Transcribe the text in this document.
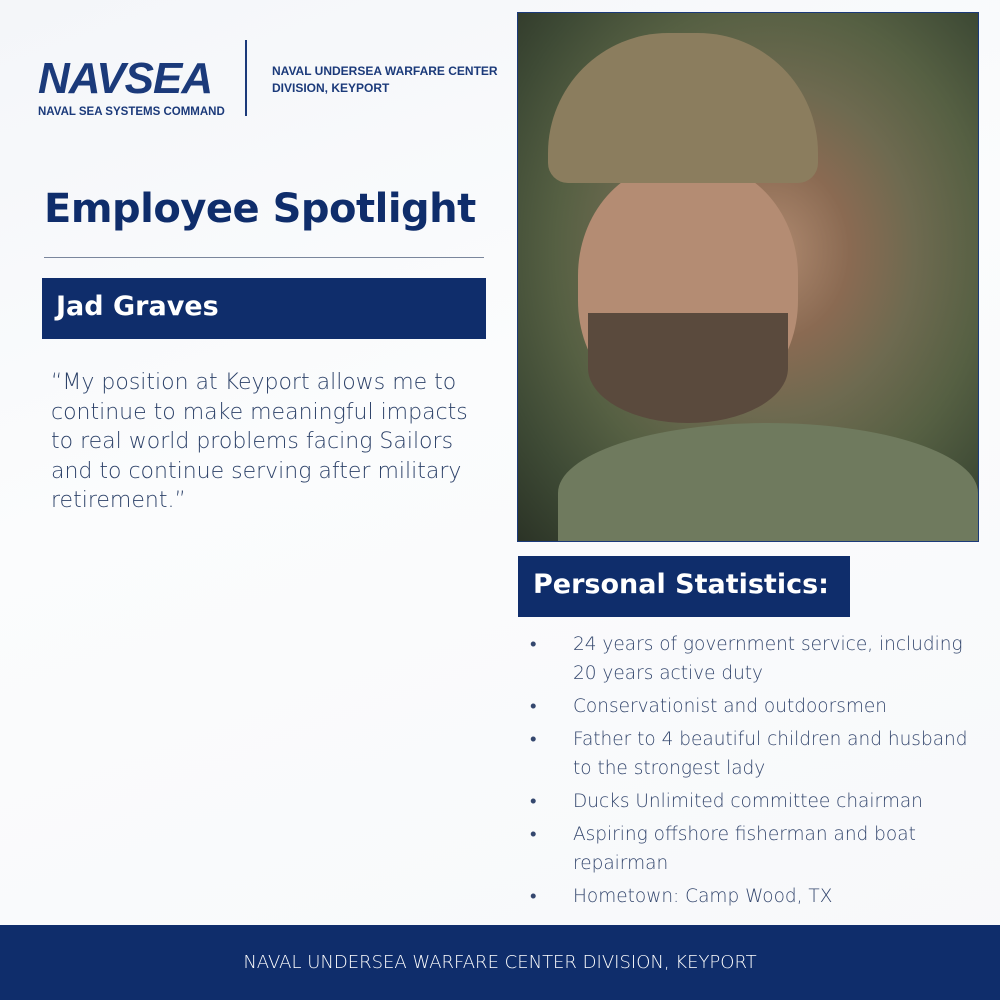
NAVSEA
NAVAL SEA SYSTEMS COMMAND
NAVAL UNDERSEA WARFARE CENTER
DIVISION, KEYPORT
Employee Spotlight
Jad Graves
“My position at Keyport allows me to continue to make meaningful impacts to real world problems facing Sailors and to continue serving after military retirement.”
Personal Statistics:
• 24 years of government service, including 20 years active duty
• Conservationist and outdoorsmen
• Father to 4 beautiful children and husband to the strongest lady
• Ducks Unlimited committee chairman
• Aspiring offshore fisherman and boat repairman
• Hometown: Camp Wood, TX
NAVAL UNDERSEA WARFARE CENTER DIVISION, KEYPORT
